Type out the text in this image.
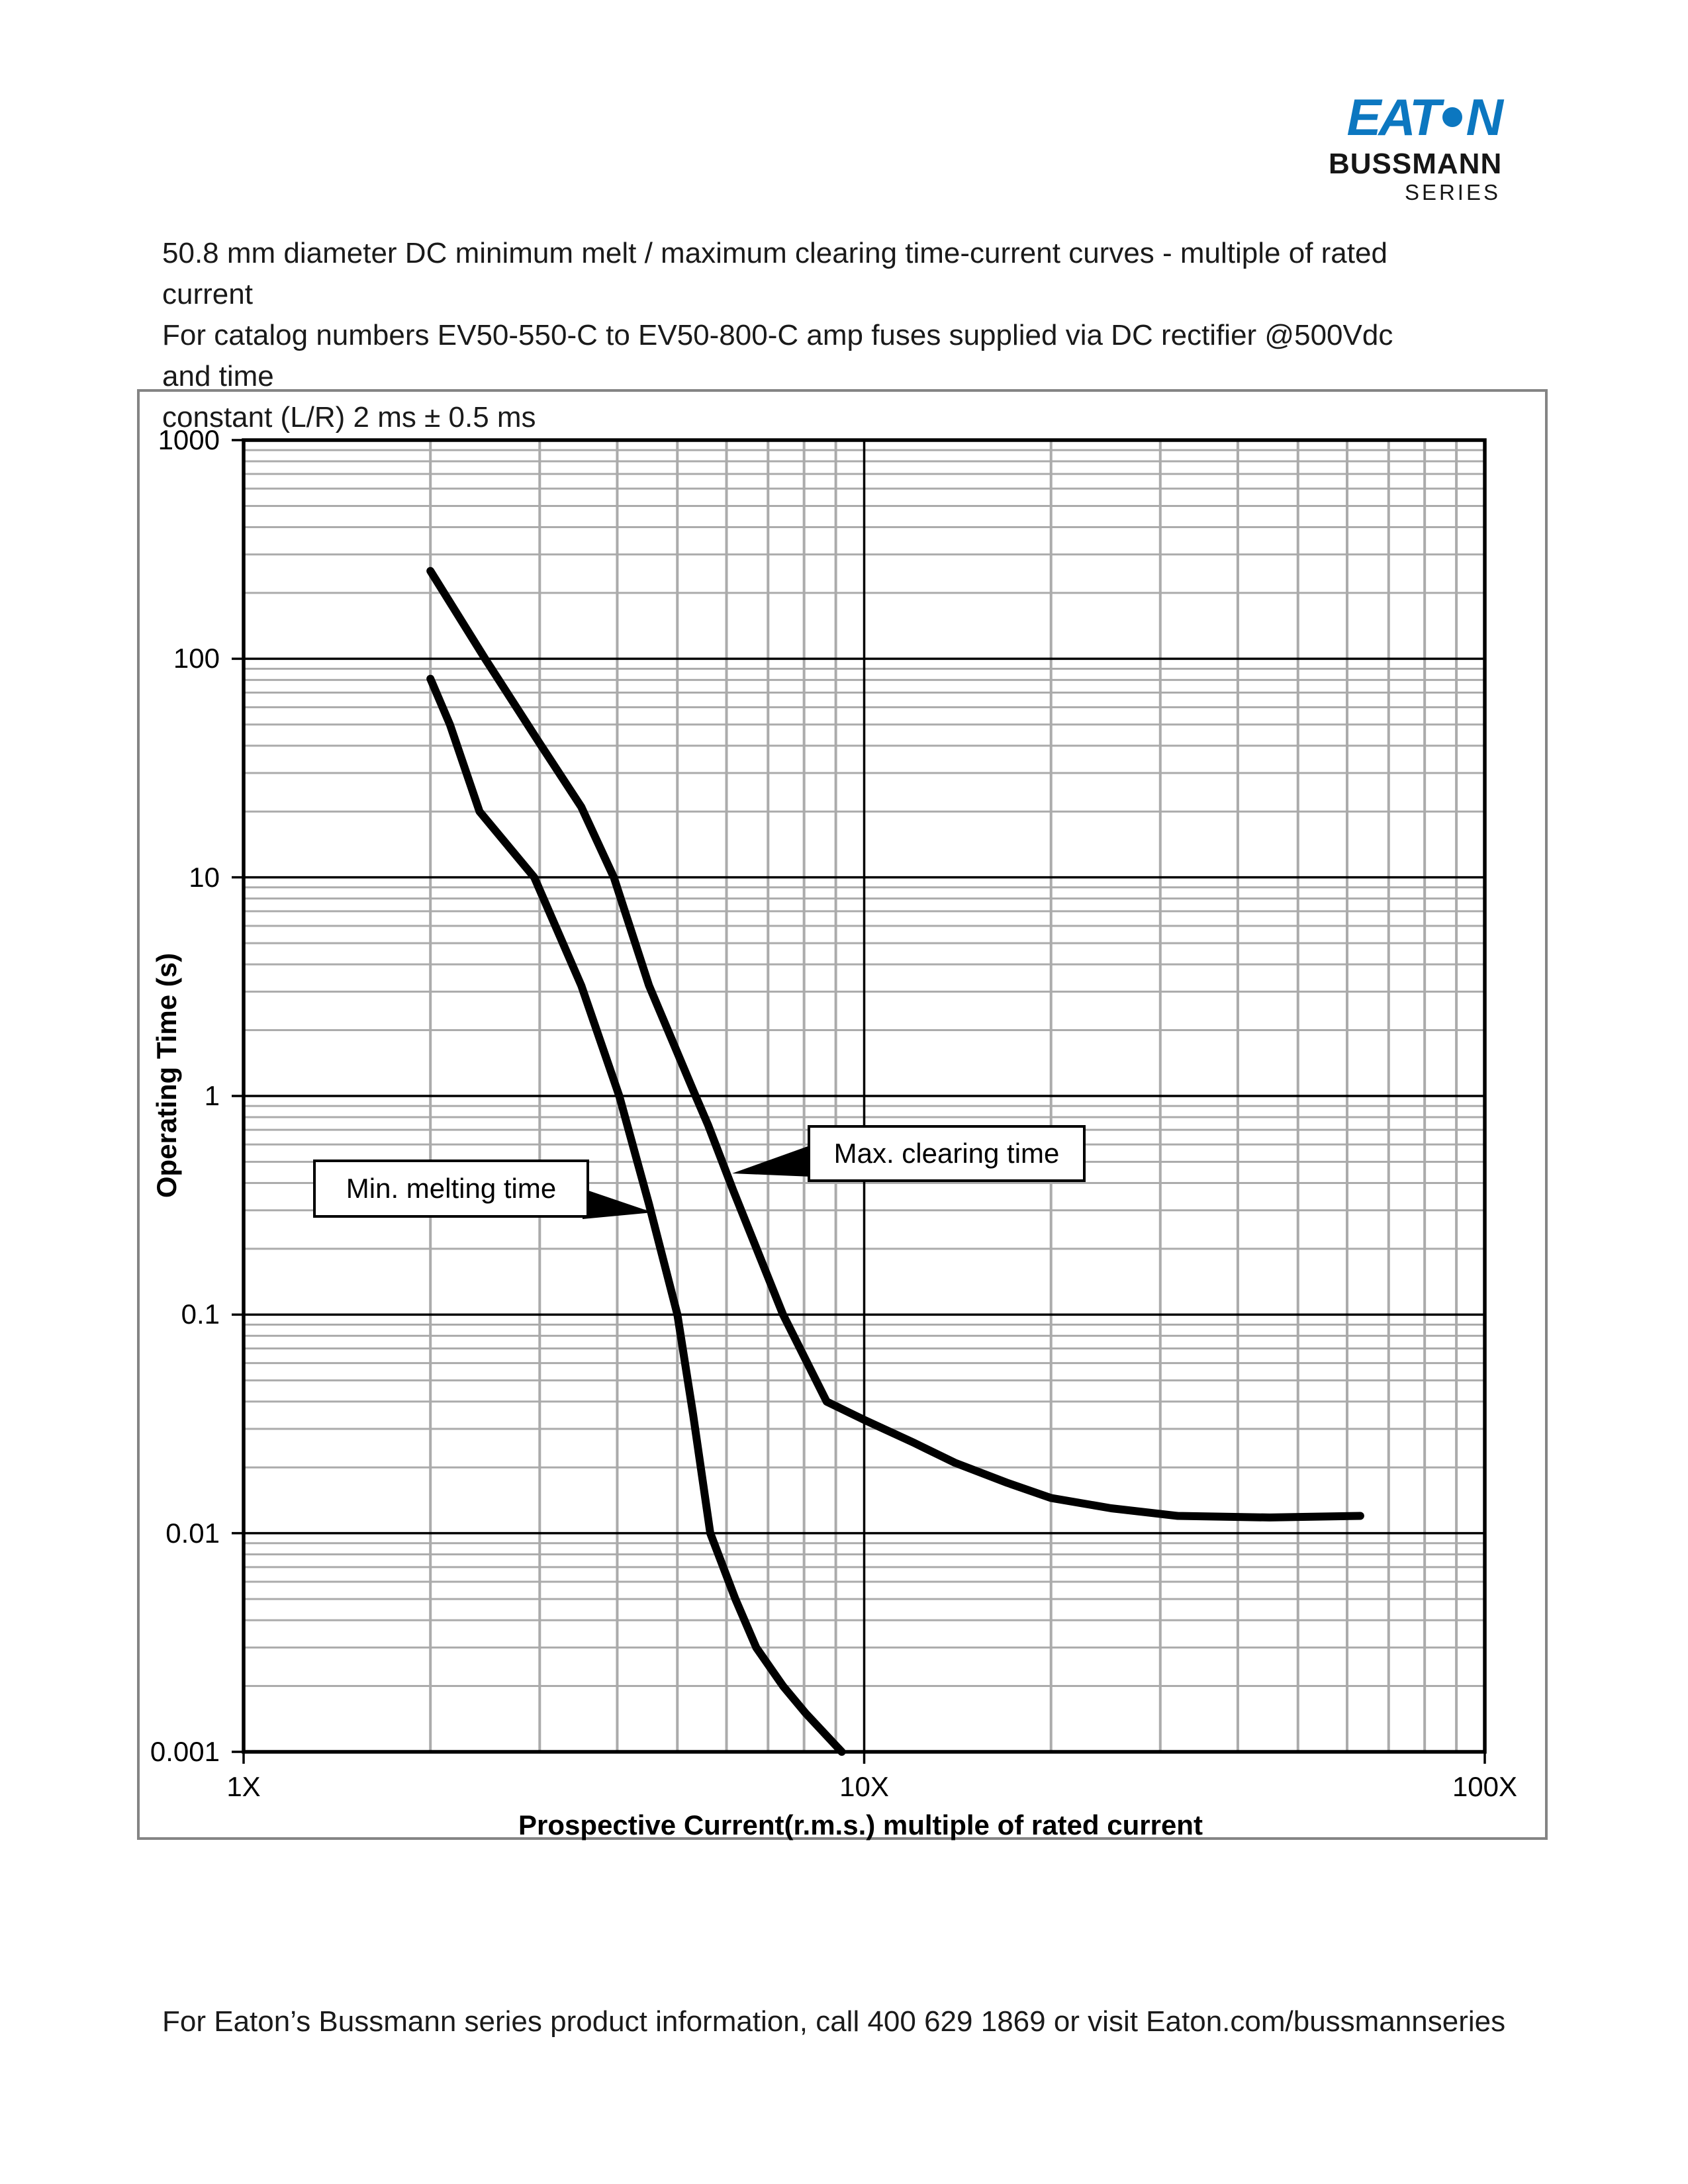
EAT N
BUSSMANN
SERIES
50.8 mm diameter DC minimum melt / maximum clearing time-current curves - multiple of rated current
For catalog numbers EV50-550-C to EV50-800-C amp fuses supplied via DC rectifier @500Vdc and time
constant (L/R) 2 ms ± 0.5 ms
Operating Time (s)
Prospective Current(r.m.s.) multiple of rated current
Min. melting time
Max. clearing time
For Eaton’s Bussmann series product information, call 400 629 1869 or visit Eaton.com/bussmannseries
1000
100
10
1
0.1
0.01
0.001
1X	10X	100X
